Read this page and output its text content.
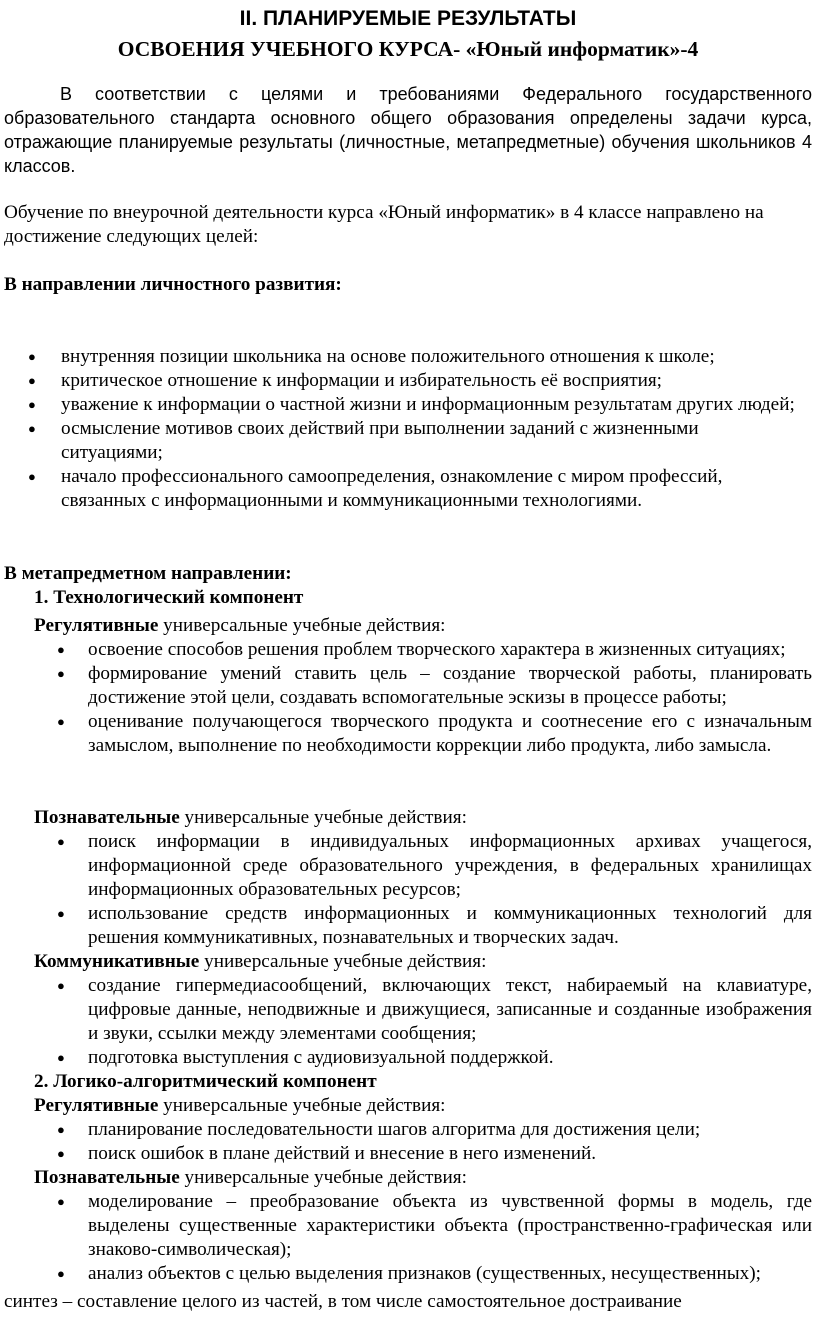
II. ПЛАНИРУЕМЫЕ РЕЗУЛЬТАТЫ
ОСВОЕНИЯ УЧЕБНОГО КУРСА- «Юный информатик»-4

В соответствии с целями и требованиями Федерального государственного образовательного стандарта основного общего образования определены задачи курса, отражающие планируемые результаты (личностные, метапредметные) обучения школьников 4 классов.

Обучение по внеурочной деятельности курса «Юный информатик» в 4 классе направлено на достижение следующих целей:

В направлении личностного развития:

● внутренняя позиции школьника на основе положительного отношения к школе;
● критическое отношение к информации и избирательность её восприятия;
● уважение к информации о частной жизни и информационным результатам других людей;
● осмысление мотивов своих действий при выполнении заданий с жизненными ситуациями;
● начало профессионального самоопределения, ознакомление с миром профессий, связанных с информационными и коммуникационными технологиями.

В метапредметном направлении:

1. Технологический компонент

Регулятивные универсальные учебные действия:

● освоение способов решения проблем творческого характера в жизненных ситуациях;
● формирование умений ставить цель – создание творческой работы, планировать достижение этой цели, создавать вспомогательные эскизы в процессе работы;
● оценивание получающегося творческого продукта и соотнесение его с изначальным замыслом, выполнение по необходимости коррекции либо продукта, либо замысла.

Познавательные универсальные учебные действия:

● поиск информации в индивидуальных информационных архивах учащегося, информационной среде образовательного учреждения, в федеральных хранилищах информационных образовательных ресурсов;
● использование средств информационных и коммуникационных технологий для решения коммуникативных, познавательных и творческих задач.

Коммуникативные универсальные учебные действия:

● создание гипермедиасообщений, включающих текст, набираемый на клавиатуре, цифровые данные, неподвижные и движущиеся, записанные и созданные изображения и звуки, ссылки между элементами сообщения;
● подготовка выступления с аудиовизуальной поддержкой.

2. Логико-алгоритмический компонент

Регулятивные универсальные учебные действия:

● планирование последовательности шагов алгоритма для достижения цели;
● поиск ошибок в плане действий и внесение в него изменений.

Познавательные универсальные учебные действия:

● моделирование – преобразование объекта из чувственной формы в модель, где выделены существенные характеристики объекта (пространственно-графическая или знаково-символическая);
● анализ объектов с целью выделения признаков (существенных, несущественных);

синтез – составление целого из частей, в том числе самостоятельное достраивание
